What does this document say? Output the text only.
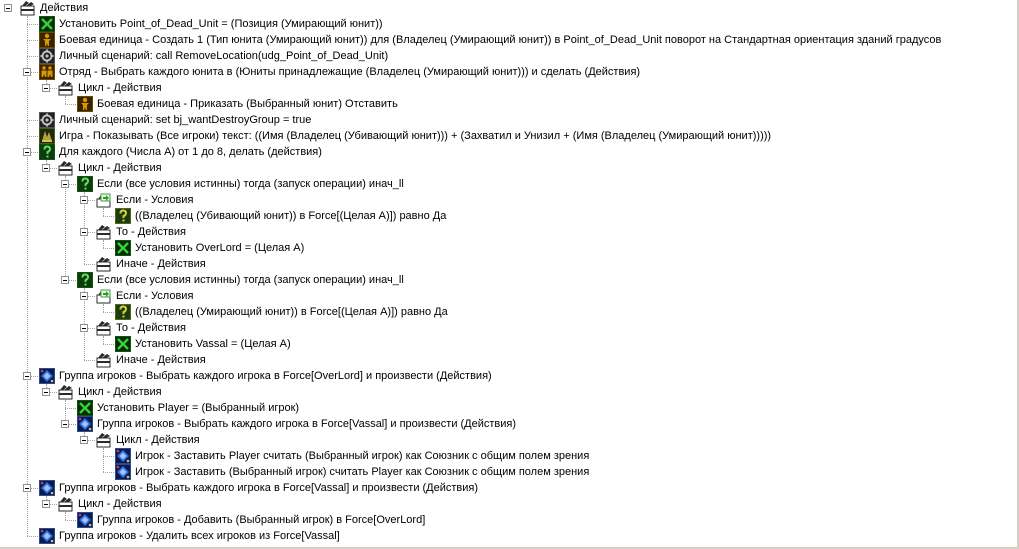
Действия
Установить Point_of_Dead_Unit = (Позиция (Умирающий юнит))
Боевая единица - Создать 1 (Тип юнита (Умирающий юнит)) для (Владелец (Умирающий юнит)) в Point_of_Dead_Unit поворот на Стандартная ориентация зданий градусов
Личный сценарий: call RemoveLocation(udg_Point_of_Dead_Unit)
Отряд - Выбрать каждого юнита в (Юниты принадлежащие (Владелец (Умирающий юнит))) и сделать (Действия)
Цикл - Действия
Боевая единица - Приказать (Выбранный юнит) Отставить
Личный сценарий: set bj_wantDestroyGroup = true
Игра - Показывать (Все игроки) текст: ((Имя (Владелец (Убивающий юнит))) + (Захватил и Унизил + (Имя (Владелец (Умирающий юнит)))))
Для каждого (Числа A) от 1 до 8, делать (действия)
Цикл - Действия
Если (все условия истинны) тогда (запуск операции) инач_ll
Если - Условия
((Владелец (Убивающий юнит)) в Force[(Целая A)]) равно Да
То - Действия
Установить OverLord = (Целая A)
Иначе - Действия
Если (все условия истинны) тогда (запуск операции) инач_ll
Если - Условия
((Владелец (Умирающий юнит)) в Force[(Целая A)]) равно Да
То - Действия
Установить Vassal = (Целая A)
Иначе - Действия
Группа игроков - Выбрать каждого игрока в Force[OverLord] и произвести (Действия)
Цикл - Действия
Установить Player = (Выбранный игрок)
Группа игроков - Выбрать каждого игрока в Force[Vassal] и произвести (Действия)
Цикл - Действия
Игрок - Заставить Player считать (Выбранный игрок) как Союзник с общим полем зрения
Игрок - Заставить (Выбранный игрок) считать Player как Союзник с общим полем зрения
Группа игроков - Выбрать каждого игрока в Force[Vassal] и произвести (Действия)
Цикл - Действия
Группа игроков - Добавить (Выбранный игрок) в Force[OverLord]
Группа игроков - Удалить всех игроков из Force[Vassal]
